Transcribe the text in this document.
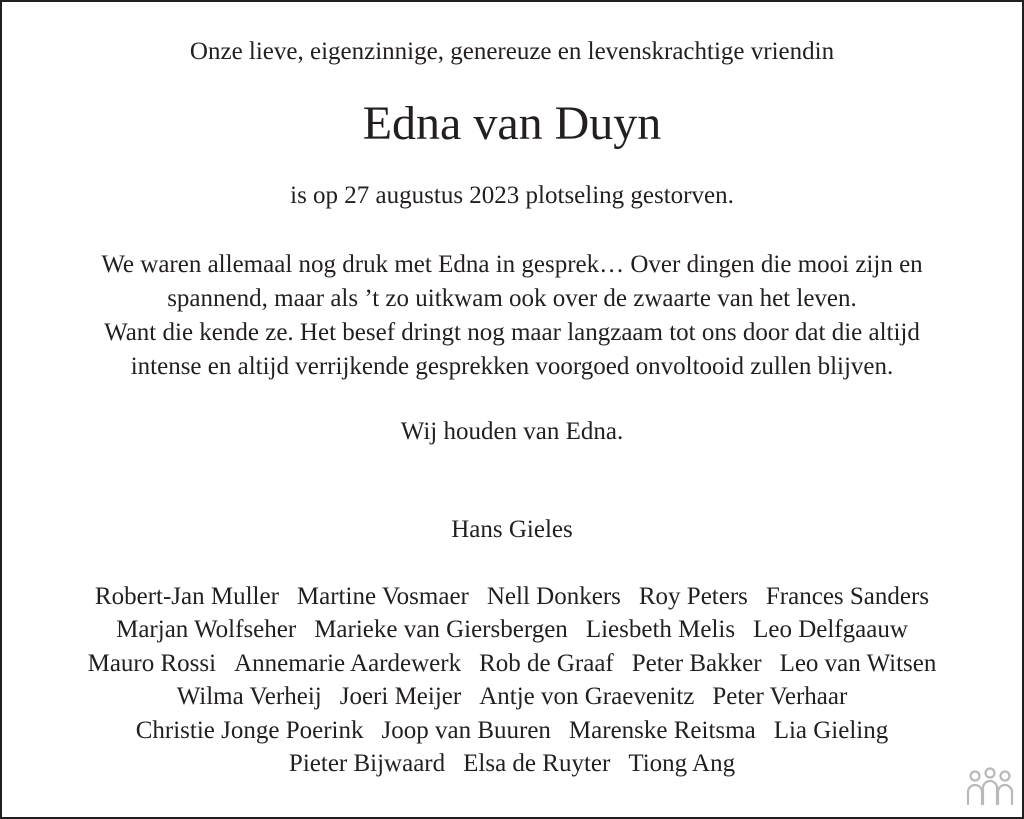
Onze lieve, eigenzinnige, genereuze en levenskrachtige vriendin
Edna van Duyn
is op 27 augustus 2023 plotseling gestorven.
We waren allemaal nog druk met Edna in gesprek… Over dingen die mooi zijn en
spannend, maar als ’t zo uitkwam ook over de zwaarte van het leven.
Want die kende ze. Het besef dringt nog maar langzaam tot ons door dat die altijd
intense en altijd verrijkende gesprekken voorgoed onvoltooid zullen blijven.
Wij houden van Edna.
Hans Gieles
Robert-Jan Muller Martine Vosmaer Nell Donkers Roy Peters Frances Sanders
Marjan Wolfseher Marieke van Giersbergen Liesbeth Melis Leo Delfgaauw
Mauro Rossi Annemarie Aardewerk Rob de Graaf Peter Bakker Leo van Witsen
Wilma Verheij Joeri Meijer Antje von Graevenitz Peter Verhaar
Christie Jonge Poerink Joop van Buuren Marenske Reitsma Lia Gieling
Pieter Bijwaard Elsa de Ruyter Tiong Ang
